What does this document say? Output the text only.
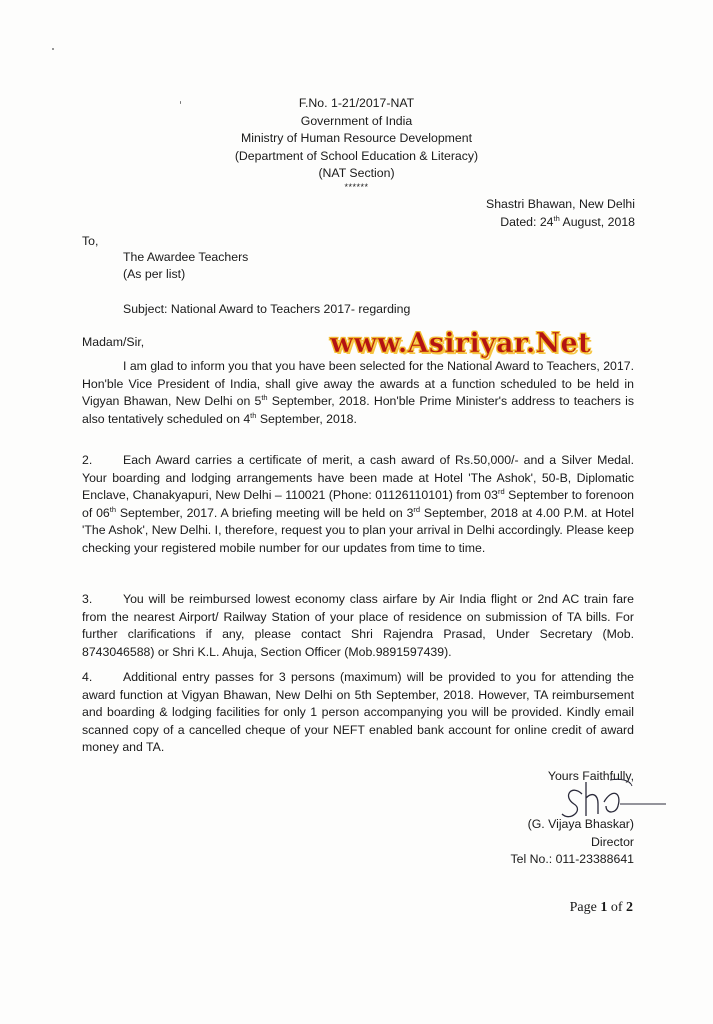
F.No. 1-21/2017-NAT
Government of India
Ministry of Human Resource Development
(Department of School Education & Literacy)
(NAT Section)
******
Shastri Bhawan, New Delhi
Dated: 24th August, 2018
To,
The Awardee Teachers
(As per list)
Subject: National Award to Teachers 2017- regarding
Madam/Sir,	www.Asiriyar.Net
I am glad to inform you that you have been selected for the National Award to Teachers, 2017. Hon'ble Vice President of India, shall give away the awards at a function scheduled to be held in Vigyan Bhawan, New Delhi on 5th September, 2018. Hon'ble Prime Minister's address to teachers is also tentatively scheduled on 4th September, 2018.
2. Each Award carries a certificate of merit, a cash award of Rs.50,000/- and a Silver Medal. Your boarding and lodging arrangements have been made at Hotel 'The Ashok', 50-B, Diplomatic Enclave, Chanakyapuri, New Delhi – 110021 (Phone: 01126110101) from 03rd September to forenoon of 06th September, 2017. A briefing meeting will be held on 3rd September, 2018 at 4.00 P.M. at Hotel 'The Ashok', New Delhi. I, therefore, request you to plan your arrival in Delhi accordingly. Please keep checking your registered mobile number for our updates from time to time.
3. You will be reimbursed lowest economy class airfare by Air India flight or 2nd AC train fare from the nearest Airport/ Railway Station of your place of residence on submission of TA bills. For further clarifications if any, please contact Shri Rajendra Prasad, Under Secretary (Mob. 8743046588) or Shri K.L. Ahuja, Section Officer (Mob.9891597439).
4. Additional entry passes for 3 persons (maximum) will be provided to you for attending the award function at Vigyan Bhawan, New Delhi on 5th September, 2018. However, TA reimbursement and boarding & lodging facilities for only 1 person accompanying you will be provided. Kindly email scanned copy of a cancelled cheque of your NEFT enabled bank account for online credit of award money and TA.
Yours Faithfully,
(G. Vijaya Bhaskar)
Director
Tel No.: 011-23388641
Page 1 of 2
